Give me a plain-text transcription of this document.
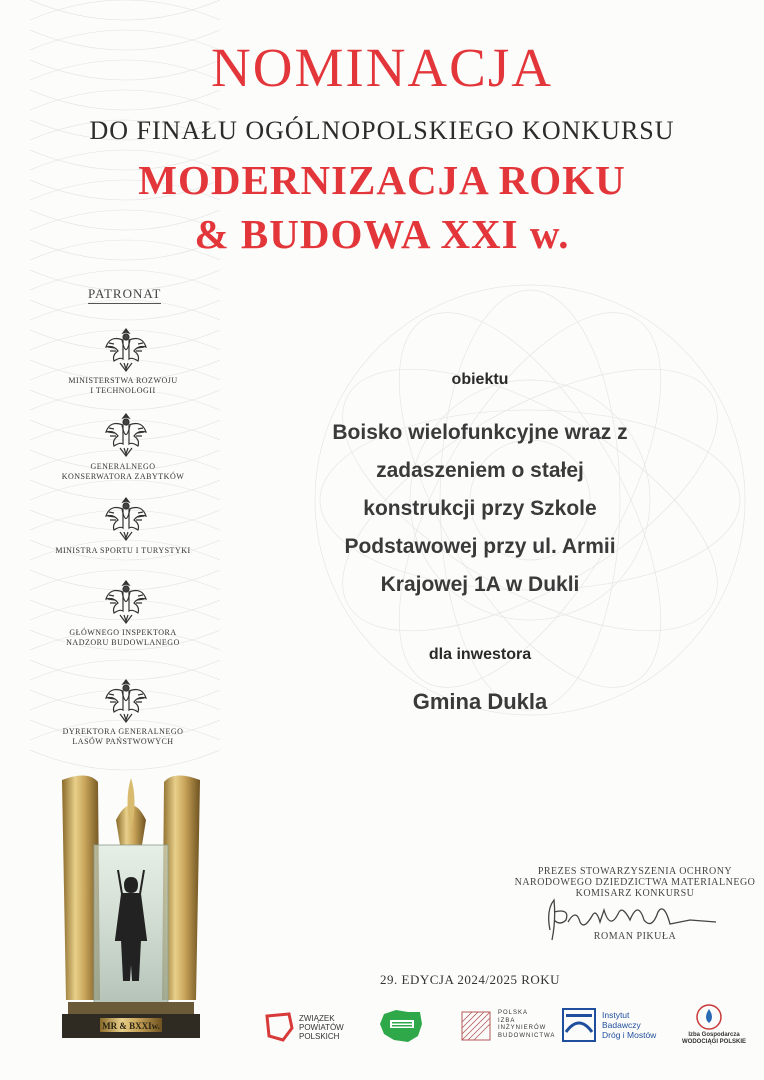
NOMINACJA
DO FINAŁU OGÓLNOPOLSKIEGO KONKURSU
MODERNIZACJA ROKU
& BUDOWA XXI w.
PATRONAT
MINISTERSTWA ROZWOJU
I TECHNOLOGII
GENERALNEGO
KONSERWATORA ZABYTKÓW
MINISTRA SPORTU I TURYSTYKI
GŁÓWNEGO INSPEKTORA
NADZORU BUDOWLANEGO
DYREKTORA GENERALNEGO
LASÓW PAŃSTWOWYCH
MR & BXXIw.
obiektu
Boisko wielofunkcyjne wraz z
zadaszeniem o stałej
konstrukcji przy Szkole
Podstawowej przy ul. Armii
Krajowej 1A w Dukli
dla inwestora
Gmina Dukla
PREZES STOWARZYSZENIA OCHRONY
NARODOWEGO DZIEDZICTWA MATERIALNEGO
KOMISARZ KONKURSU
ROMAN PIKUŁA
29. EDYCJA 2024/2025 ROKU
ZWIĄZEK
POWIATÓW
POLSKICH
POLSKA
IZBA
INŻYNIERÓW
BUDOWNICTWA
Instytut
Badawczy
Dróg i Mostów	Izba Gospodarcza
WODOCIĄGI POLSKIE
